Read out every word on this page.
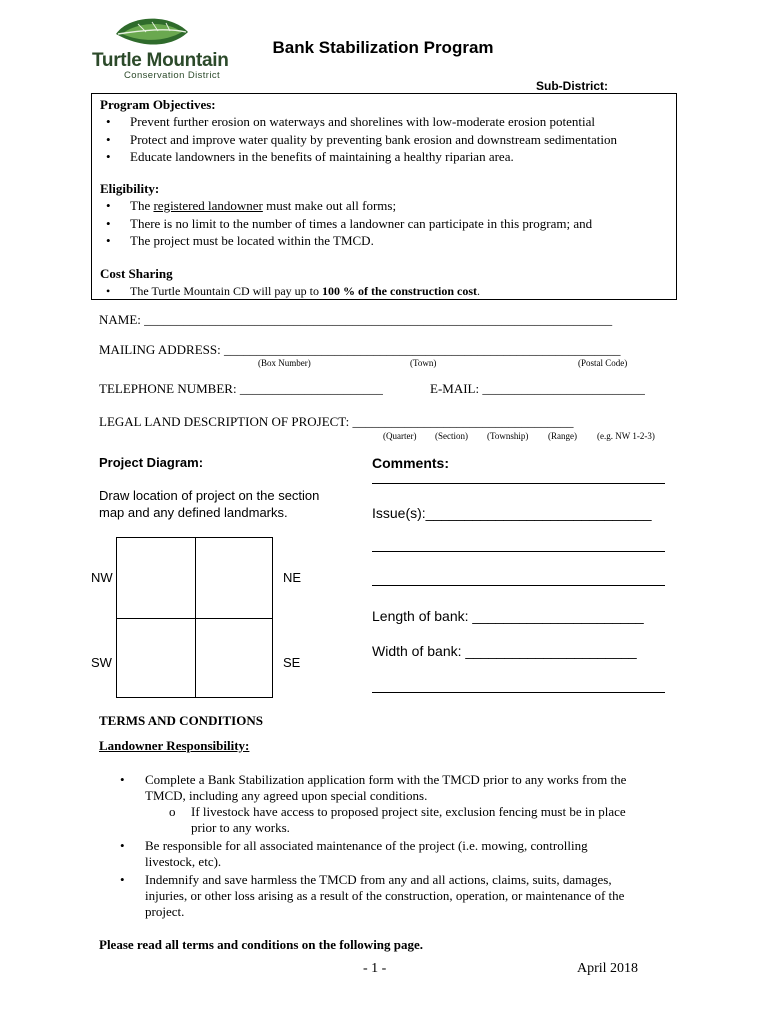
Turtle Mountain
Conservation District
Bank Stabilization Program
Sub-District:
Program Objectives:
• Prevent further erosion on waterways and shorelines with low-moderate erosion potential
• Protect and improve water quality by preventing bank erosion and downstream sedimentation
• Educate landowners in the benefits of maintaining a healthy riparian area.
Eligibility:
• The registered landowner must make out all forms;
• There is no limit to the number of times a landowner can participate in this program; and
• The project must be located within the TMCD.
Cost Sharing
• The Turtle Mountain CD will pay up to 100 % of the construction cost.
NAME: ________________________________________________________________________
MAILING ADDRESS: _____________________________________________________________
(Box Number)	(Town)	(Postal Code)
TELEPHONE NUMBER: ______________________	E-MAIL: _________________________
LEGAL LAND DESCRIPTION OF PROJECT: __________________________________
(Quarter) (Section) (Township) (Range) (e.g. NW 1-2-3)
Project Diagram:
Draw location of project on the section
map and any defined landmarks.
NW	NE
SW	SE
Comments:
Issue(s):_____________________________
Length of bank: ______________________
Width of bank: ______________________
TERMS AND CONDITIONS
Landowner Responsibility:
• Complete a Bank Stabilization application form with the TMCD prior to any works from the
TMCD, including any agreed upon special conditions.
o If livestock have access to proposed project site, exclusion fencing must be in place
prior to any works.
• Be responsible for all associated maintenance of the project (i.e. mowing, controlling
livestock, etc).
• Indemnify and save harmless the TMCD from any and all actions, claims, suits, damages,
injuries, or other loss arising as a result of the construction, operation, or maintenance of the
project.
Please read all terms and conditions on the following page.
- 1 -	April 2018
